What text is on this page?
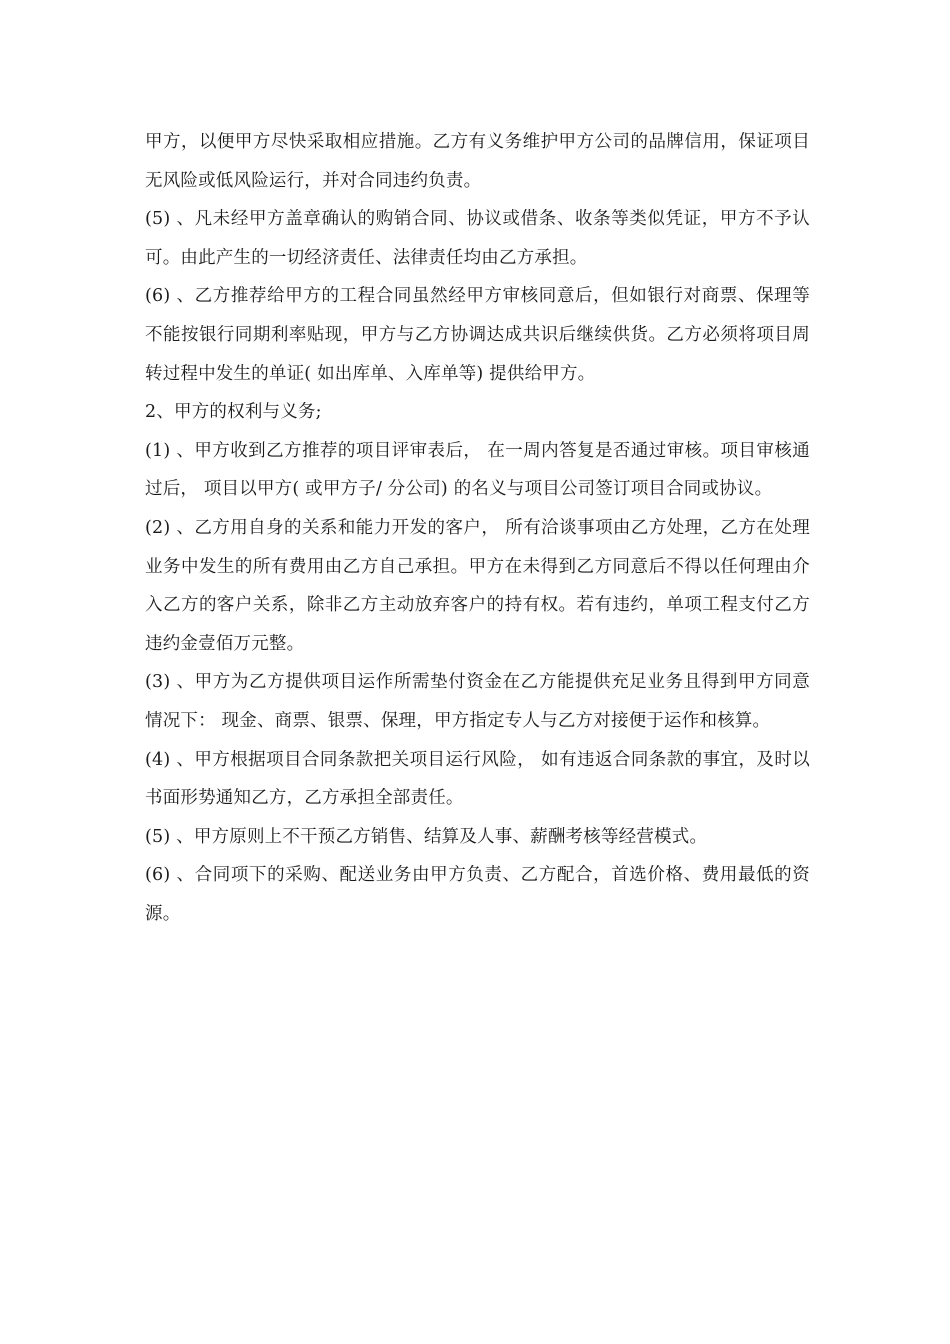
甲方，以便甲方尽快采取相应措施。乙方有义务维护甲方公司的品牌信用，保证项目无风险或低风险运行，并对合同违约负责。

(5) 、凡未经甲方盖章确认的购销合同、协议或借条、收条等类似凭证，甲方不予认可。由此产生的一切经济责任、法律责任均由乙方承担。

(6) 、乙方推荐给甲方的工程合同虽然经甲方审核同意后，但如银行对商票、保理等不能按银行同期利率贴现，甲方与乙方协调达成共识后继续供货。乙方必须将项目周转过程中发生的单证( 如出库单、入库单等) 提供给甲方。

2、甲方的权利与义务;

(1) 、甲方收到乙方推荐的项目评审表后， 在一周内答复是否通过审核。项目审核通过后， 项目以甲方( 或甲方子/ 分公司) 的名义与项目公司签订项目合同或协议。

(2) 、乙方用自身的关系和能力开发的客户， 所有洽谈事项由乙方处理，乙方在处理业务中发生的所有费用由乙方自己承担。甲方在未得到乙方同意后不得以任何理由介入乙方的客户关系，除非乙方主动放弃客户的持有权。若有违约，单项工程支付乙方违约金壹佰万元整。

(3) 、甲方为乙方提供项目运作所需垫付资金在乙方能提供充足业务且得到甲方同意情况下： 现金、商票、银票、保理，甲方指定专人与乙方对接便于运作和核算。

(4) 、甲方根据项目合同条款把关项目运行风险， 如有违返合同条款的事宜，及时以书面形势通知乙方，乙方承担全部责任。

(5) 、甲方原则上不干预乙方销售、结算及人事、薪酬考核等经营模式。

(6) 、合同项下的采购、配送业务由甲方负责、乙方配合，首选价格、费用最低的资源。
